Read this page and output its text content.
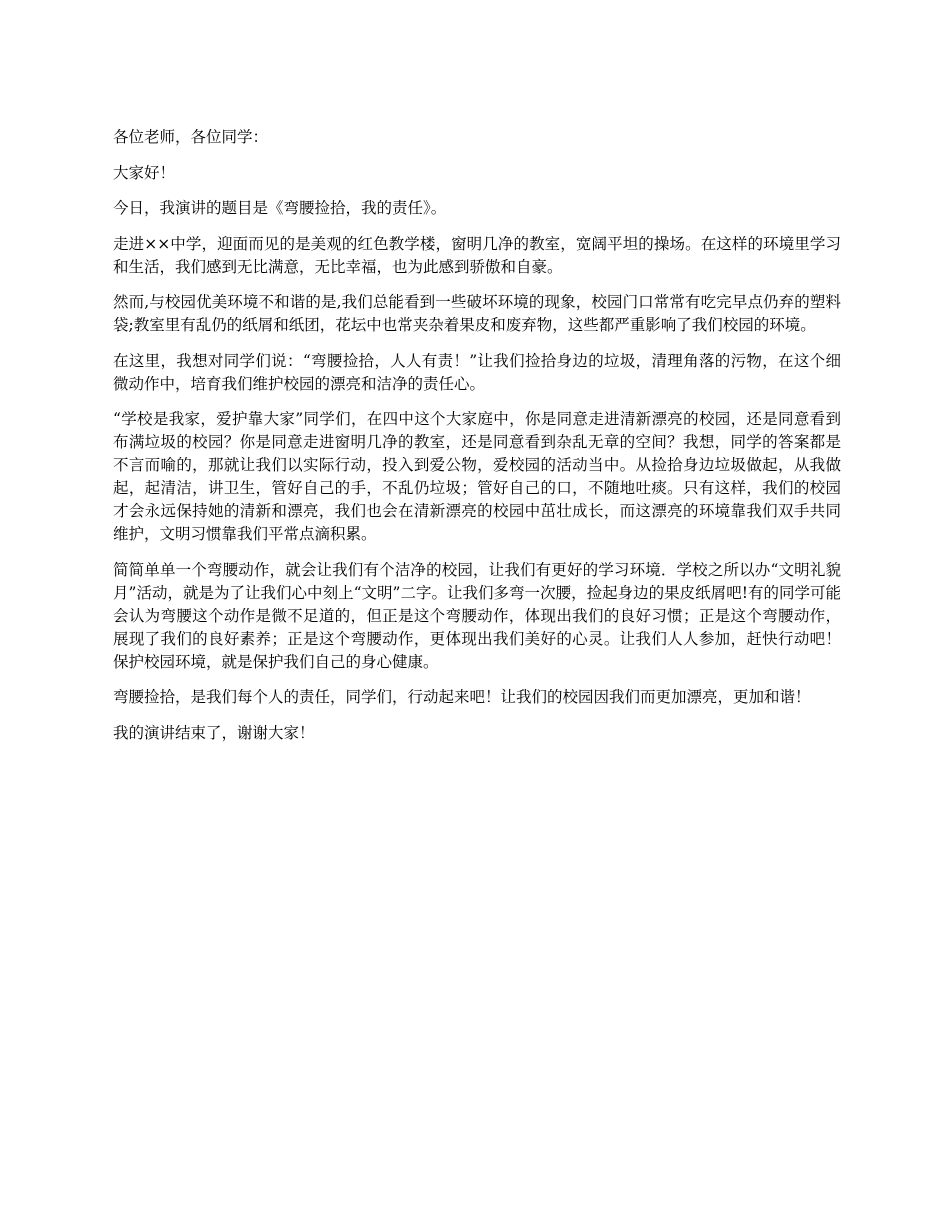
各位老师，各位同学：

大家好！

今日，我演讲的题目是《弯腰捡拾，我的责任》。

走进××中学，迎面而见的是美观的红色教学楼，窗明几净的教室，宽阔平坦的操场。在这样的环境里学习和生活，我们感到无比满意，无比幸福，也为此感到骄傲和自豪。

然而,与校园优美环境不和谐的是,我们总能看到一些破坏环境的现象，校园门口常常有吃完早点仍弃的塑料袋;教室里有乱仍的纸屑和纸团，花坛中也常夹杂着果皮和废弃物，这些都严重影响了我们校园的环境。

在这里，我想对同学们说：“弯腰捡拾，人人有责！”让我们捡拾身边的垃圾，清理角落的污物，在这个细微动作中，培育我们维护校园的漂亮和洁净的责任心。

“学校是我家，爱护靠大家”同学们，在四中这个大家庭中，你是同意走进清新漂亮的校园，还是同意看到布满垃圾的校园？你是同意走进窗明几净的教室，还是同意看到杂乱无章的空间？我想，同学的答案都是不言而喻的，那就让我们以实际行动，投入到爱公物，爱校园的活动当中。从捡拾身边垃圾做起，从我做起，起清洁，讲卫生，管好自己的手，不乱仍垃圾；管好自己的口，不随地吐痰。只有这样，我们的校园才会永远保持她的清新和漂亮，我们也会在清新漂亮的校园中茁壮成长，而这漂亮的环境靠我们双手共同维护，文明习惯靠我们平常点滴积累。

简简单单一个弯腰动作，就会让我们有个洁净的校园，让我们有更好的学习环境．学校之所以办“文明礼貌月”活动，就是为了让我们心中刻上“文明”二字。让我们多弯一次腰，捡起身边的果皮纸屑吧!有的同学可能会认为弯腰这个动作是微不足道的，但正是这个弯腰动作，体现出我们的良好习惯；正是这个弯腰动作，展现了我们的良好素养；正是这个弯腰动作，更体现出我们美好的心灵。让我们人人参加，赶快行动吧！保护校园环境，就是保护我们自己的身心健康。

弯腰捡拾，是我们每个人的责任，同学们，行动起来吧！让我们的校园因我们而更加漂亮，更加和谐！

我的演讲结束了，谢谢大家！
